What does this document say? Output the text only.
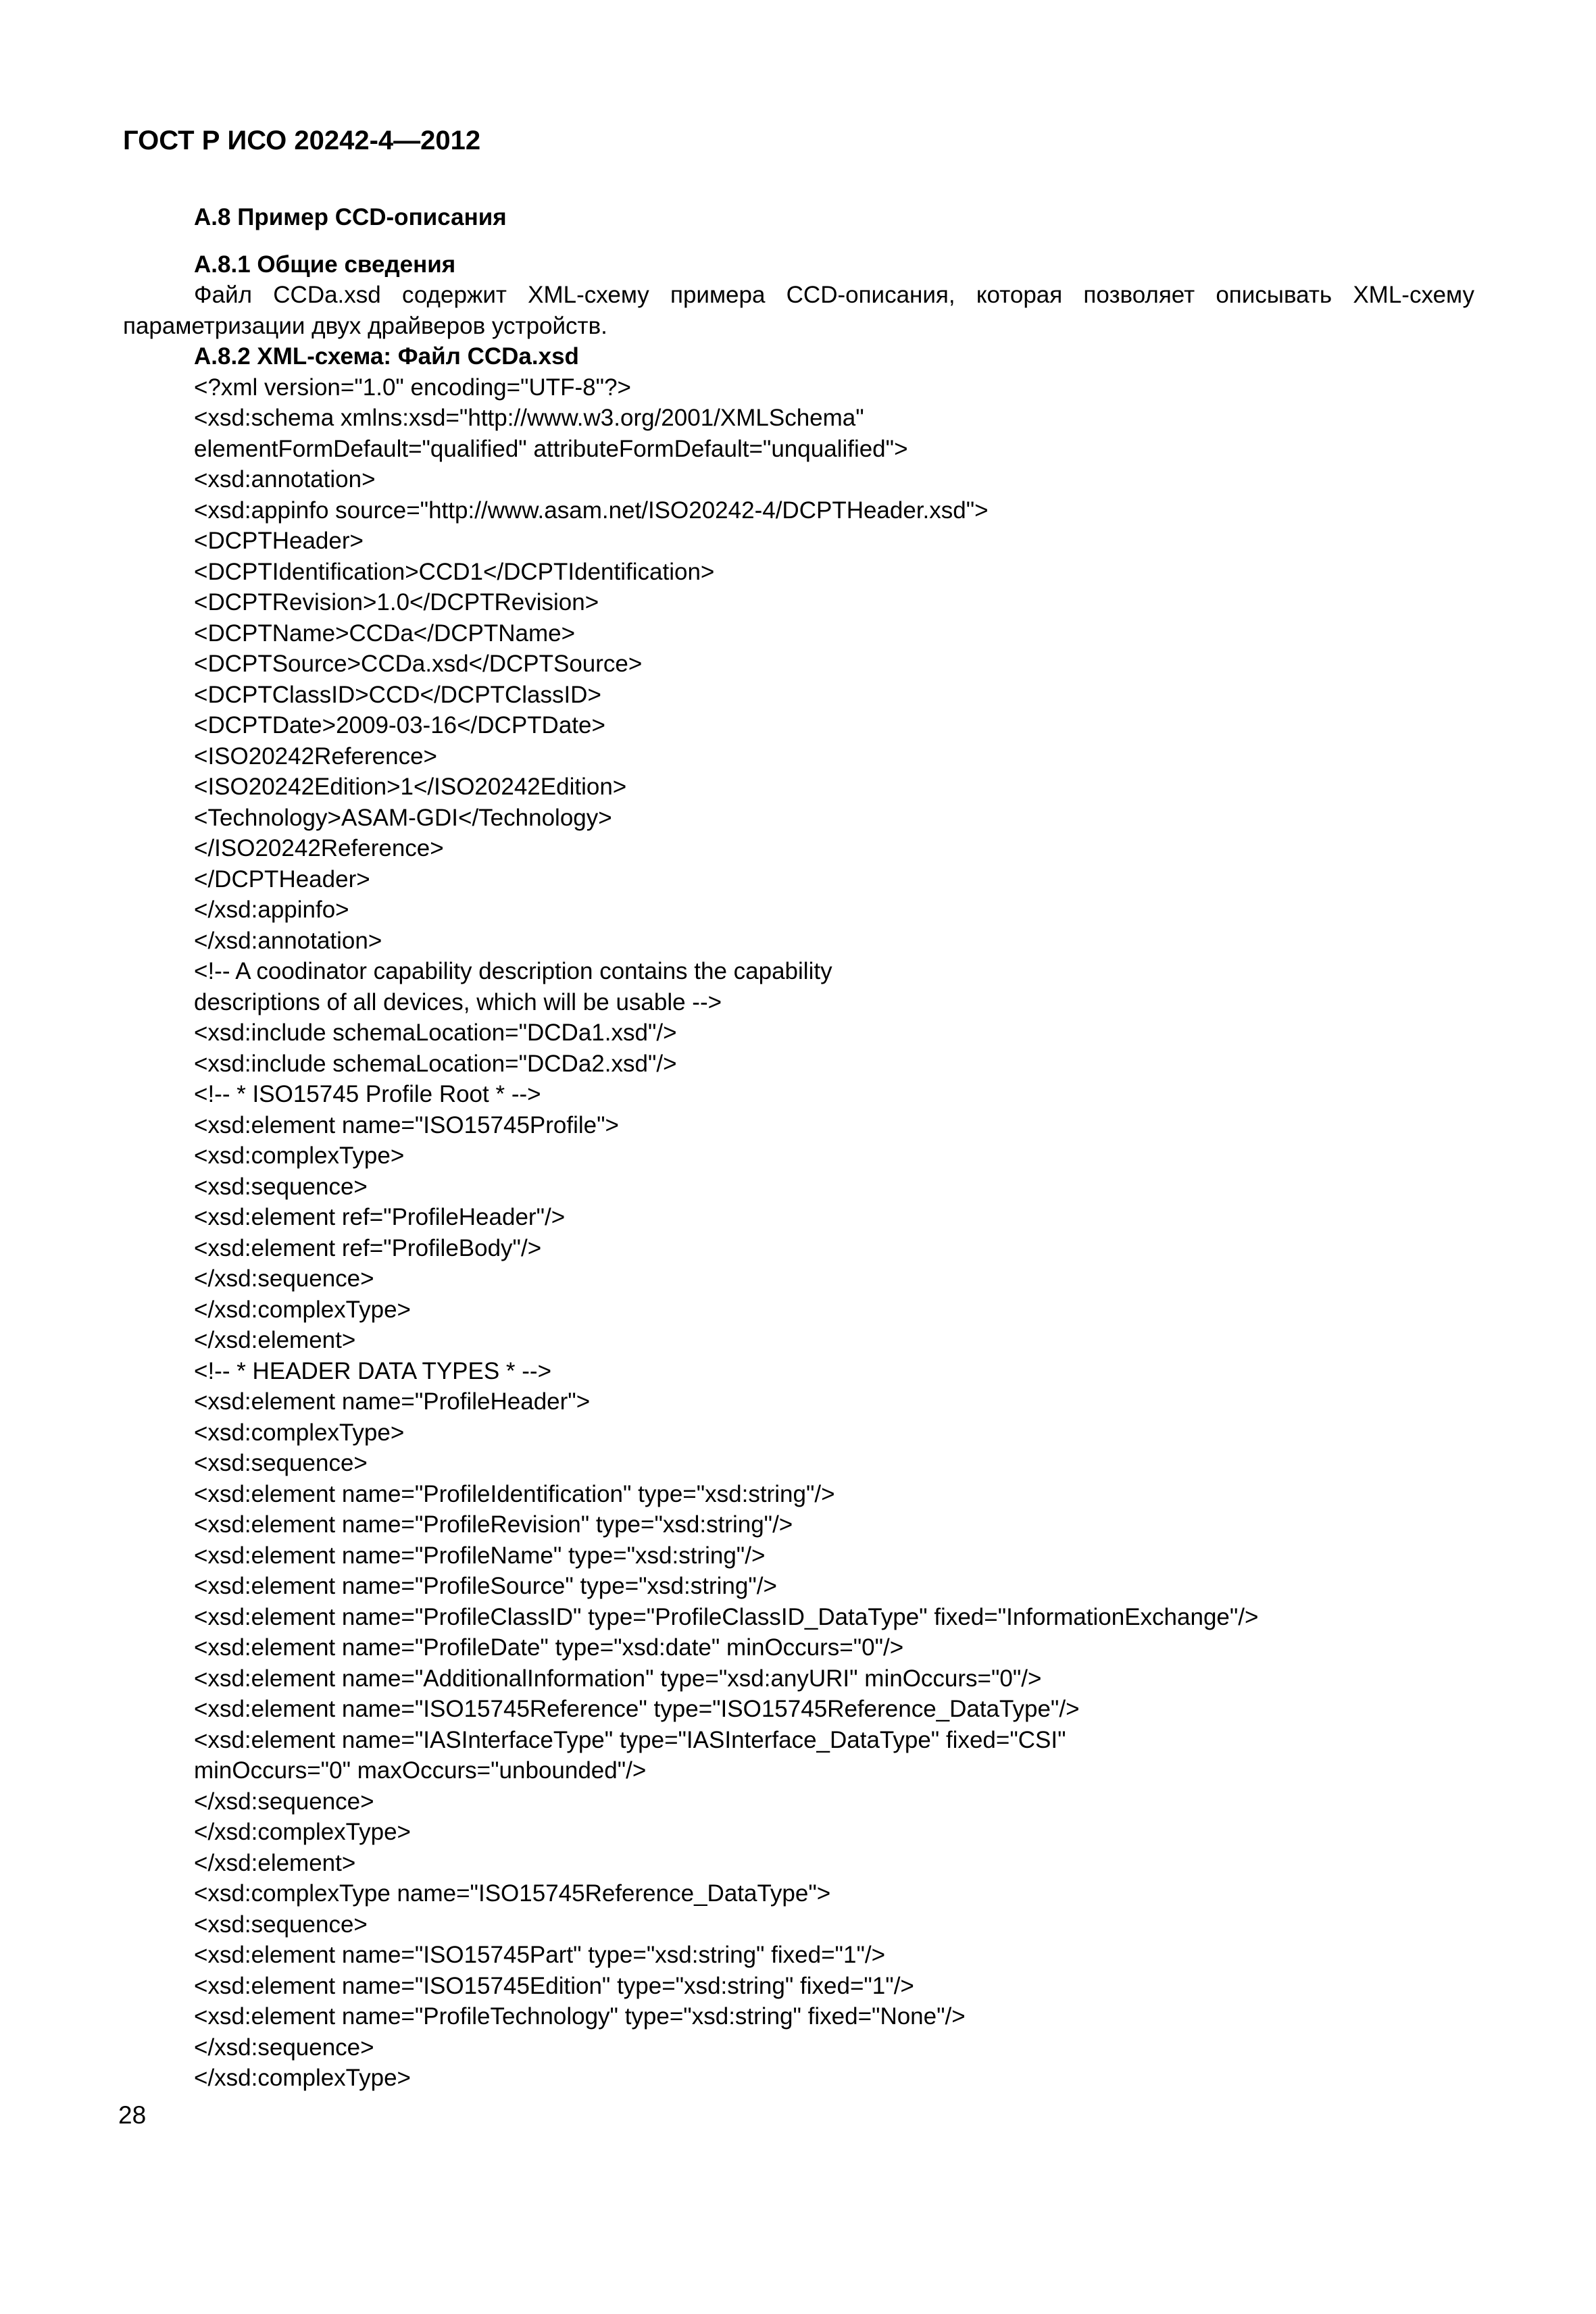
ГОСТ Р ИСО 20242-4—2012
А.8 Пример CCD-описания
А.8.1 Общие сведения
Файл CCDa.xsd содержит XML-схему примера CCD-описания, которая позволяет описывать XML-схему
параметризации двух драйверов устройств.
А.8.2 XML-схема: Файл CCDa.xsd
<?xml version="1.0" encoding="UTF-8"?>
<xsd:schema xmlns:xsd="http://www.w3.org/2001/XMLSchema"
elementFormDefault="qualified" attributeFormDefault="unqualified">
<xsd:annotation>
<xsd:appinfo source="http://www.asam.net/ISO20242-4/DCPTHeader.xsd">
<DCPTHeader>
<DCPTIdentification>CCD1</DCPTIdentification>
<DCPTRevision>1.0</DCPTRevision>
<DCPTName>CCDa</DCPTName>
<DCPTSource>CCDa.xsd</DCPTSource>
<DCPTClassID>CCD</DCPTClassID>
<DCPTDate>2009-03-16</DCPTDate>
<ISO20242Reference>
<ISO20242Edition>1</ISO20242Edition>
<Technology>ASAM-GDI</Technology>
</ISO20242Reference>
</DCPTHeader>
</xsd:appinfo>
</xsd:annotation>
<!-- A coodinator capability description contains the capability
descriptions of all devices, which will be usable -->
<xsd:include schemaLocation="DCDa1.xsd"/>
<xsd:include schemaLocation="DCDa2.xsd"/>
<!-- * ISO15745 Profile Root * -->
<xsd:element name="ISO15745Profile">
<xsd:complexType>
<xsd:sequence>
<xsd:element ref="ProfileHeader"/>
<xsd:element ref="ProfileBody"/>
</xsd:sequence>
</xsd:complexType>
</xsd:element>
<!-- * HEADER DATA TYPES * -->
<xsd:element name="ProfileHeader">
<xsd:complexType>
<xsd:sequence>
<xsd:element name="ProfileIdentification" type="xsd:string"/>
<xsd:element name="ProfileRevision" type="xsd:string"/>
<xsd:element name="ProfileName" type="xsd:string"/>
<xsd:element name="ProfileSource" type="xsd:string"/>
<xsd:element name="ProfileClassID" type="ProfileClassID_DataType" fixed="InformationExchange"/>
<xsd:element name="ProfileDate" type="xsd:date" minOccurs="0"/>
<xsd:element name="AdditionalInformation" type="xsd:anyURI" minOccurs="0"/>
<xsd:element name="ISO15745Reference" type="ISO15745Reference_DataType"/>
<xsd:element name="IASInterfaceType" type="IASInterface_DataType" fixed="CSI"
minOccurs="0" maxOccurs="unbounded"/>
</xsd:sequence>
</xsd:complexType>
</xsd:element>
<xsd:complexType name="ISO15745Reference_DataType">
<xsd:sequence>
<xsd:element name="ISO15745Part" type="xsd:string" fixed="1"/>
<xsd:element name="ISO15745Edition" type="xsd:string" fixed="1"/>
<xsd:element name="ProfileTechnology" type="xsd:string" fixed="None"/>
</xsd:sequence>
</xsd:complexType>
28
